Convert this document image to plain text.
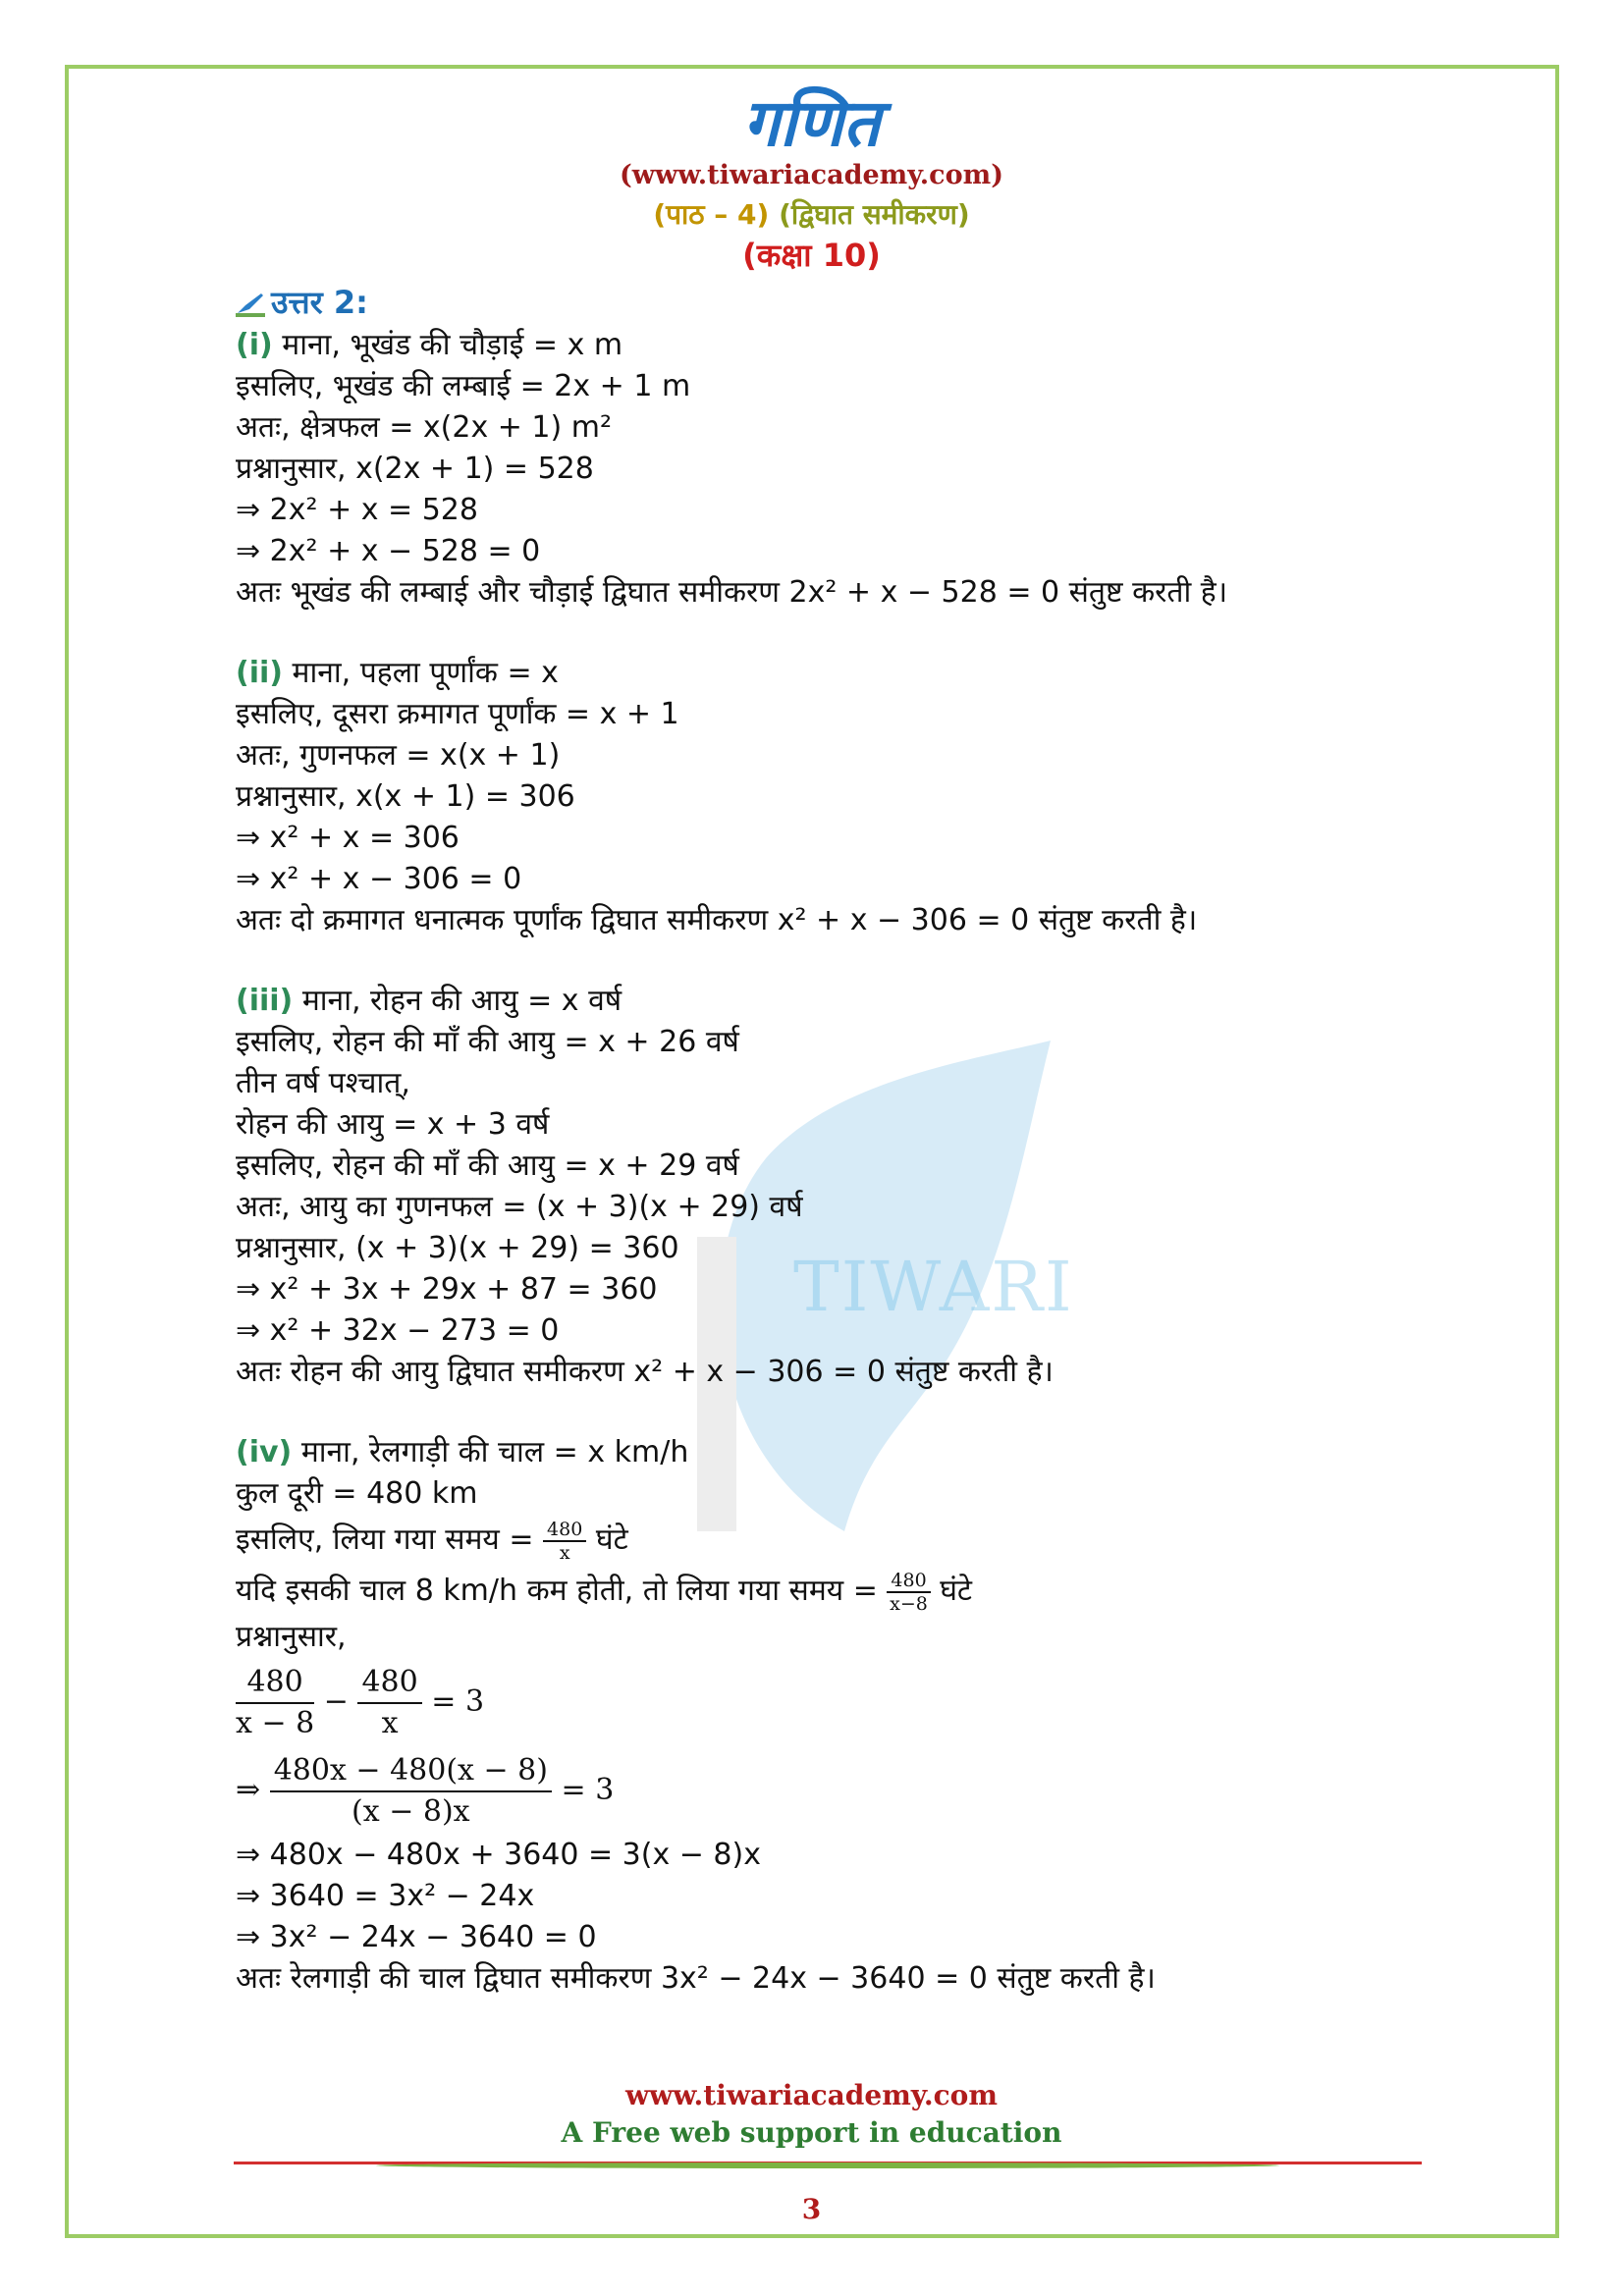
TIWARI
गणित
(www.tiwariacademy.com)
(पाठ – 4) (द्विघात समीकरण)
(कक्षा 10)
उत्तर 2:
(i) माना, भूखंड की चौड़ाई = x m
इसलिए, भूखंड की लम्बाई = 2x + 1 m
अतः, क्षेत्रफल = x(2x + 1) m²
प्रश्नानुसार, x(2x + 1) = 528
⇒ 2x² + x = 528
⇒ 2x² + x − 528 = 0
अतः भूखंड की लम्बाई और चौड़ाई द्विघात समीकरण 2x² + x − 528 = 0 संतुष्ट करती है।
(ii) माना, पहला पूर्णांक = x
इसलिए, दूसरा क्रमागत पूर्णांक = x + 1
अतः, गुणनफल = x(x + 1)
प्रश्नानुसार, x(x + 1) = 306
⇒ x² + x = 306
⇒ x² + x − 306 = 0
अतः दो क्रमागत धनात्मक पूर्णांक द्विघात समीकरण x² + x − 306 = 0 संतुष्ट करती है।
(iii) माना, रोहन की आयु = x वर्ष
इसलिए, रोहन की माँ की आयु = x + 26 वर्ष
तीन वर्ष पश्चात्,
रोहन की आयु = x + 3 वर्ष
इसलिए, रोहन की माँ की आयु = x + 29 वर्ष
अतः, आयु का गुणनफल = (x + 3)(x + 29) वर्ष
प्रश्नानुसार, (x + 3)(x + 29) = 360
⇒ x² + 3x + 29x + 87 = 360
⇒ x² + 32x − 273 = 0
अतः रोहन की आयु द्विघात समीकरण x² + x − 306 = 0 संतुष्ट करती है।
(iv) माना, रेलगाड़ी की चाल = x km/h
कुल दूरी = 480 km
इसलिए, लिया गया समय = $\frac{480}{x}$ घंटे
यदि इसकी चाल 8 km/h कम होती, तो लिया गया समय = $\frac{480}{x-8}$ घंटे
प्रश्नानुसार,
$\frac{480}{x - 8} - \frac{480}{x} = 3$
⇒ $\frac{480x - 480(x - 8)}{(x - 8)x} = 3$
⇒ 480x − 480x + 3640 = 3(x − 8)x
⇒ 3640 = 3x² − 24x
⇒ 3x² − 24x − 3640 = 0
अतः रेलगाड़ी की चाल द्विघात समीकरण 3x² − 24x − 3640 = 0 संतुष्ट करती है।
www.tiwariacademy.com
A Free web support in education
3
